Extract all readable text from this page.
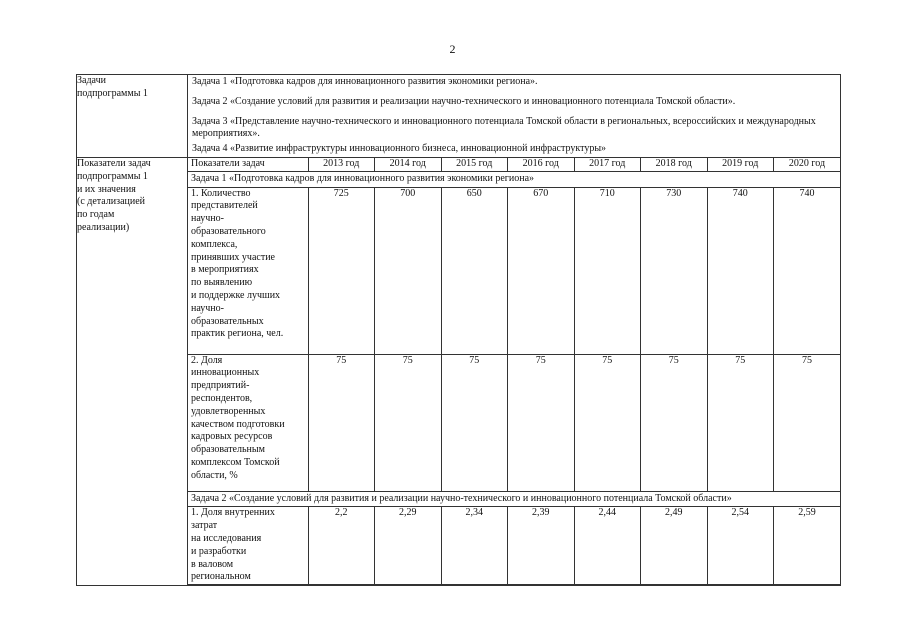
2
Задачи
подпрограммы 1

Задача 1 «Подготовка кадров для инновационного развития экономики региона».
Задача 2 «Создание условий для развития и реализации научно-технического и инновационного потенциала Томской области».
Задача 3 «Представление научно-технического и инновационного потенциала Томской области в региональных, всероссийских и международных мероприятиях».
Задача 4 «Развитие инфраструктуры инновационного бизнеса, инновационной инфраструктуры»

Показатели задач
подпрограммы 1
и их значения
(с детализацией
по годам
реализации)

Показатели задач	2013 год	2014 год	2015 год	2016 год	2017 год	2018 год	2019 год	2020 год
Задача 1 «Подготовка кадров для инновационного развития экономики региона»

1. Количество
представителей
научно-
образовательного
комплекса,
принявших участие
в мероприятиях
по выявлению
и поддержке лучших
научно-
образовательных
практик региона, чел.
	725	700	650	670	710	730	740	740

2. Доля
инновационных
предприятий-
респондентов,
удовлетворенных
качеством подготовки
кадровых ресурсов
образовательным
комплексом Томской
области, %
	75	75	75	75	75	75	75	75
Задача 2 «Создание условий для развития и реализации научно-технического и инновационного потенциала Томской области»

1. Доля внутренних
затрат
на исследования
и разработки
в валовом
региональном
	2,2	2,29	2,34	2,39	2,44	2,49	2,54	2,59
